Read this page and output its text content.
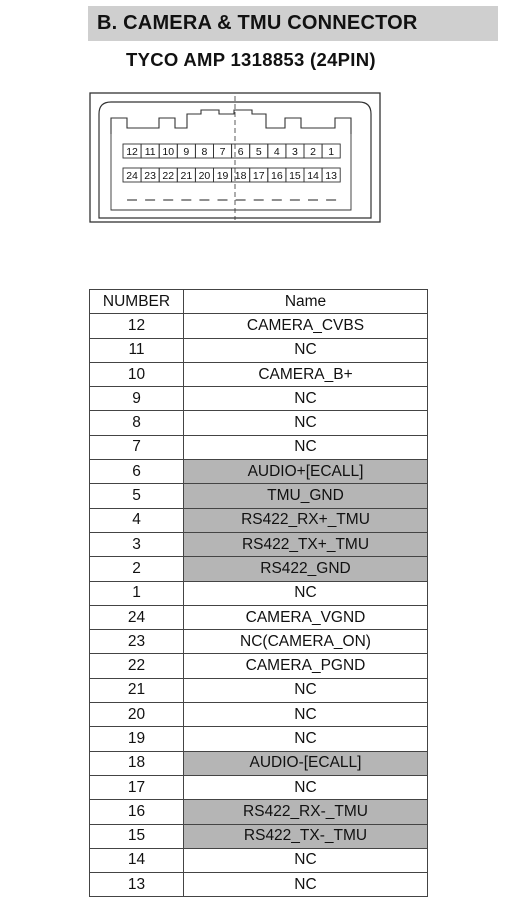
B. CAMERA & TMU CONNECTOR
TYCO AMP 1318853 (24PIN)
12 11 10 9 8 7 6 5 4 3 2 1
24 23 22 21 20 19 18 17 16 15 14 13
NUMBER	Name
12	CAMERA_CVBS
11	NC
10	CAMERA_B+
9	NC
8	NC
7	NC
6	AUDIO+[ECALL]
5	TMU_GND
4	RS422_RX+_TMU
3	RS422_TX+_TMU
2	RS422_GND
1	NC
24	CAMERA_VGND
23	NC(CAMERA_ON)
22	CAMERA_PGND
21	NC
20	NC
19	NC
18	AUDIO-[ECALL]
17	NC
16	RS422_RX-_TMU
15	RS422_TX-_TMU
14	NC
13	NC
